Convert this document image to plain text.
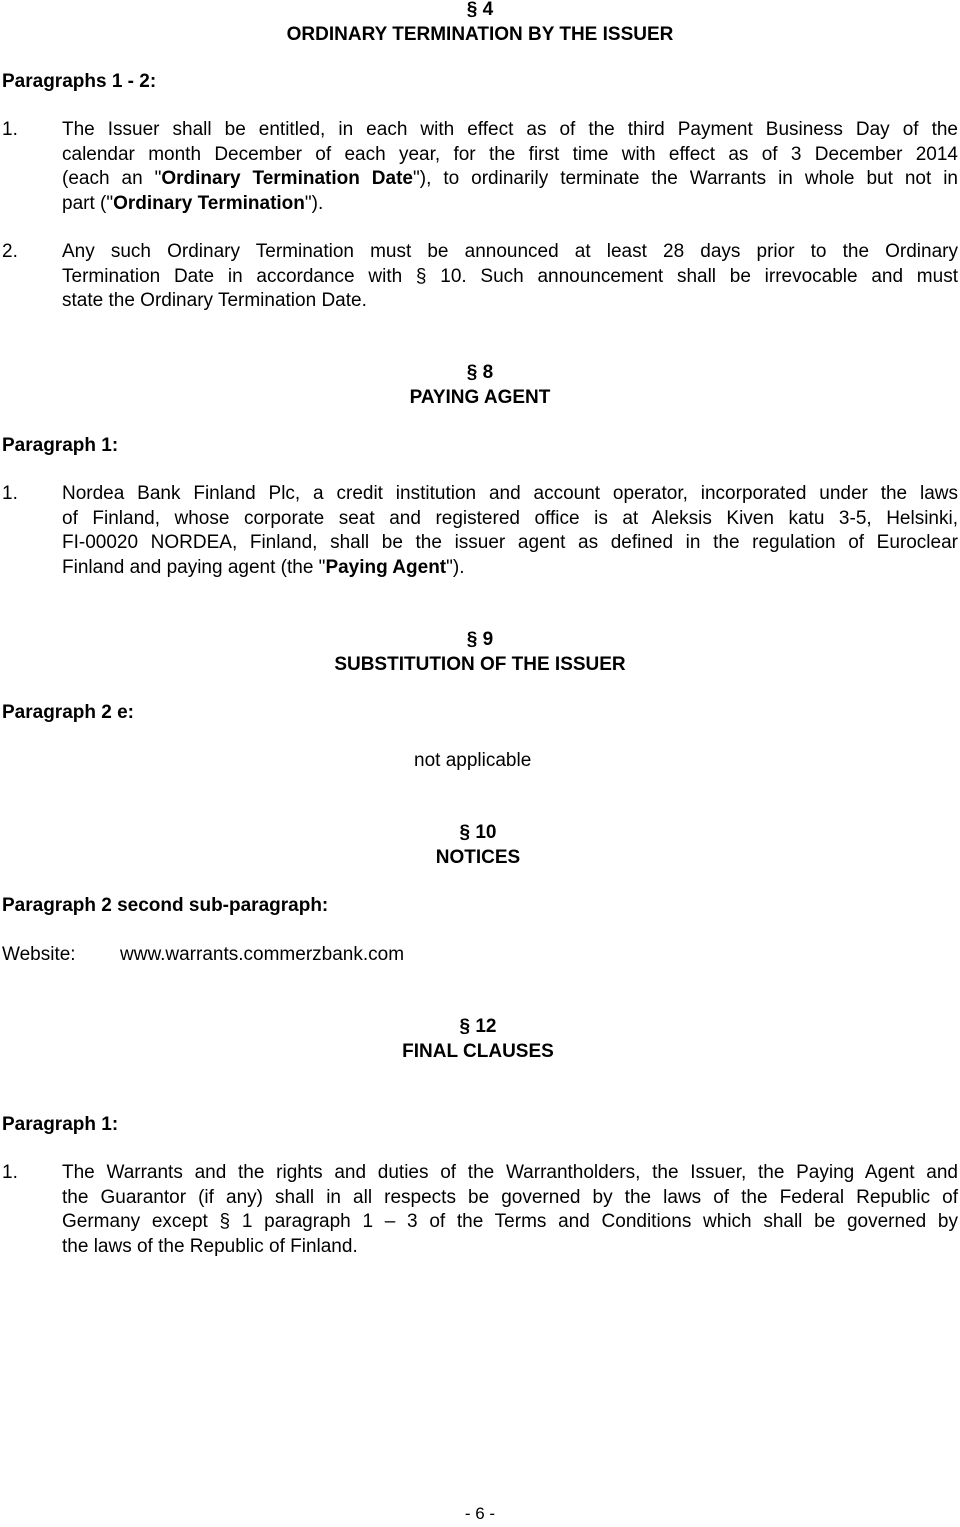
§ 4
ORDINARY TERMINATION BY THE ISSUER
Paragraphs 1 - 2:
1. The Issuer shall be entitled, in each with effect as of the third Payment Business Day of the
calendar month December of each year, for the first time with effect as of 3 December 2014
(each an "Ordinary Termination Date"), to ordinarily terminate the Warrants in whole but not in
part ("Ordinary Termination").
2. Any such Ordinary Termination must be announced at least 28 days prior to the Ordinary
Termination Date in accordance with § 10. Such announcement shall be irrevocable and must
state the Ordinary Termination Date.
§ 8
PAYING AGENT
Paragraph 1:
1. Nordea Bank Finland Plc, a credit institution and account operator, incorporated under the laws
of Finland, whose corporate seat and registered office is at Aleksis Kiven katu 3-5, Helsinki,
FI-00020 NORDEA, Finland, shall be the issuer agent as defined in the regulation of Euroclear
Finland and paying agent (the "Paying Agent").
§ 9
SUBSTITUTION OF THE ISSUER
Paragraph 2 e:
not applicable
§ 10
NOTICES
Paragraph 2 second sub-paragraph:
Website: www.warrants.commerzbank.com
§ 12
FINAL CLAUSES
Paragraph 1:
1. The Warrants and the rights and duties of the Warrantholders, the Issuer, the Paying Agent and
the Guarantor (if any) shall in all respects be governed by the laws of the Federal Republic of
Germany except § 1 paragraph 1 – 3 of the Terms and Conditions which shall be governed by
the laws of the Republic of Finland.
- 6 -
